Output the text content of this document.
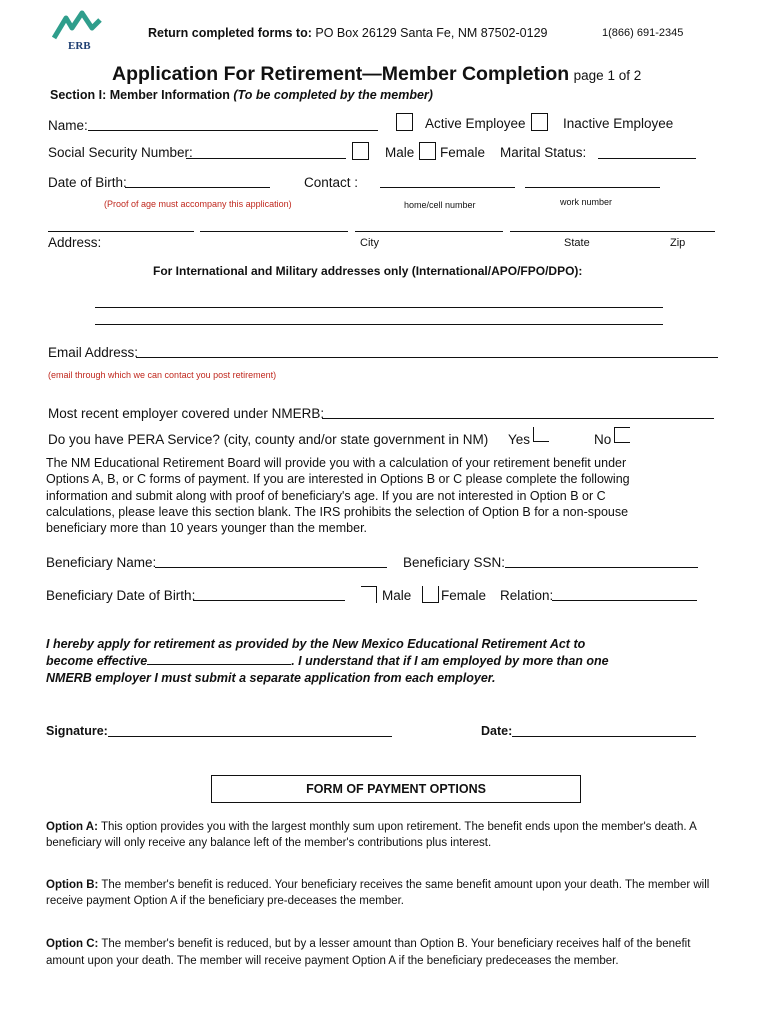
ERB
Return completed forms to: PO Box 26129 Santa Fe, NM 87502-0129	1(866) 691-2345
Application For Retirement—Member Completion page 1 of 2
Section I: Member Information (To be completed by the member)
Name:	Active Employee	Inactive Employee
Social Security Number:	Male Female Marital Status:
Date of Birth:	Contact :
(Proof of age must accompany this application)	home/cell number	work number
Address:	City	State	Zip
For International and Military addresses only (International/APO/FPO/DPO):
Email Address:
(email through which we can contact you post retirement)
Most recent employer covered under NMERB:
Do you have PERA Service? (city, county and/or state government in NM) Yes	No
The NM Educational Retirement Board will provide you with a calculation of your retirement benefit under Options A, B, or C forms of payment. If you are interested in Options B or C please complete the following information and submit along with proof of beneficiary's age. If you are not interested in Option B or C calculations, please leave this section blank. The IRS prohibits the selection of Option B for a non-spouse beneficiary more than 10 years younger than the member.
Beneficiary Name:	Beneficiary SSN:
Beneficiary Date of Birth:	Male Female Relation:
I hereby apply for retirement as provided by the New Mexico Educational Retirement Act to
become effective	. I understand that if I am employed by more than one
NMERB employer I must submit a separate application from each employer.
Signature:	Date:
FORM OF PAYMENT OPTIONS
Option A: This option provides you with the largest monthly sum upon retirement. The benefit ends upon the member's death. A beneficiary will only receive any balance left of the member's contributions plus interest.
Option B: The member's benefit is reduced. Your beneficiary receives the same benefit amount upon your death. The member will receive payment Option A if the beneficiary pre-deceases the member.
Option C: The member's benefit is reduced, but by a lesser amount than Option B. Your beneficiary receives half of the benefit amount upon your death. The member will receive payment Option A if the beneficiary predeceases the member.
